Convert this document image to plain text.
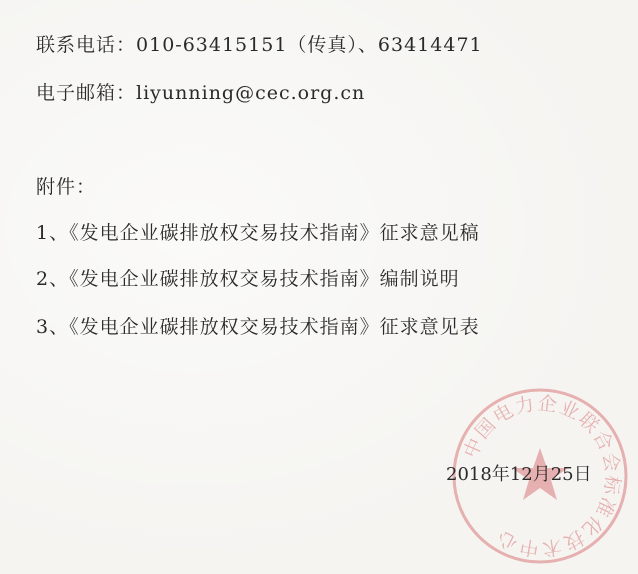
联系电话：010-63415151（传真）、63414471
电子邮箱：liyunning@cec.org.cn
附件：
1、《发电企业碳排放权交易技术指南》征求意见稿
2、《发电企业碳排放权交易技术指南》编制说明
3、《发电企业碳排放权交易技术指南》征求意见表
中国电力企业联合会标准化技术中心
2018年12月25日
